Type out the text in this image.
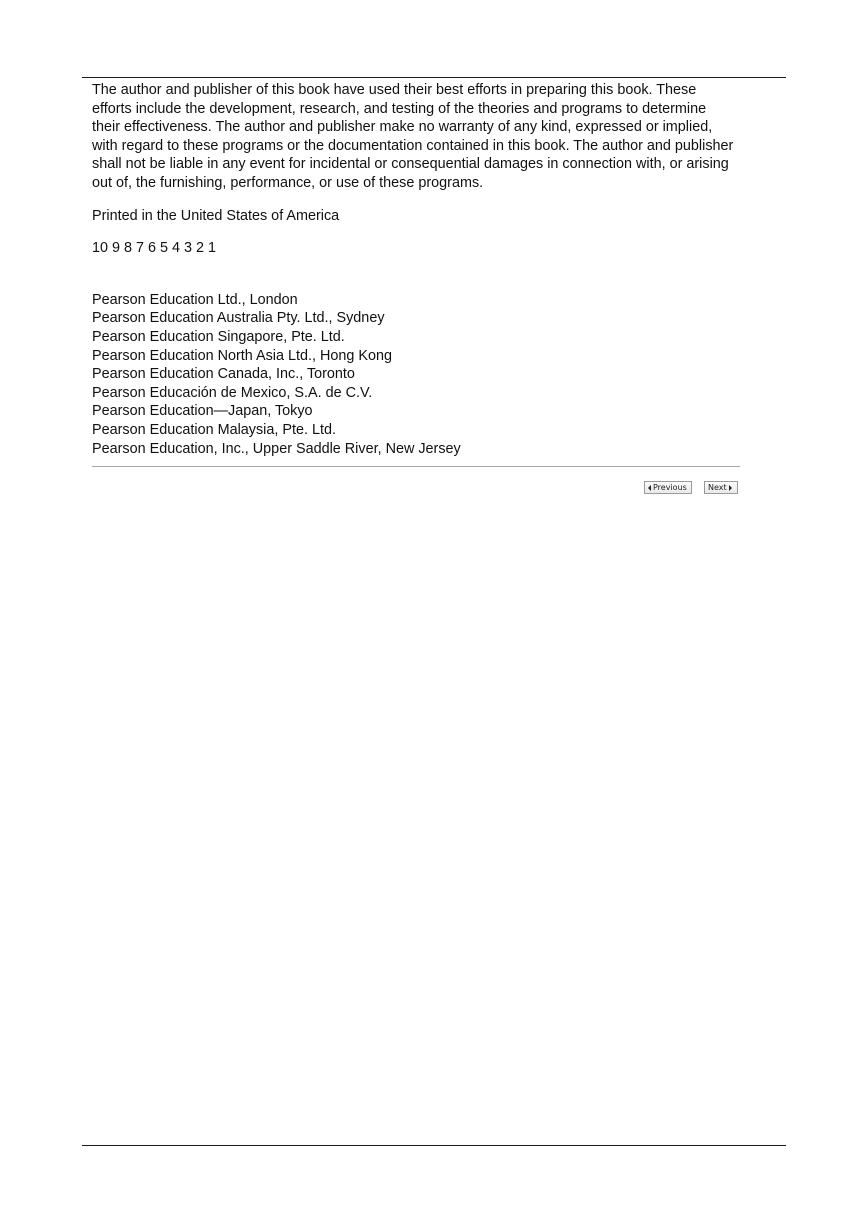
The author and publisher of this book have used their best efforts in preparing this book. These efforts include the development, research, and testing of the theories and programs to determine their effectiveness. The author and publisher make no warranty of any kind, expressed or implied, with regard to these programs or the documentation contained in this book. The author and publisher shall not be liable in any event for incidental or consequential damages in connection with, or arising out of, the furnishing, performance, or use of these programs.

Printed in the United States of America

10 9 8 7 6 5 4 3 2 1

Pearson Education Ltd., London
Pearson Education Australia Pty. Ltd., Sydney
Pearson Education Singapore, Pte. Ltd.
Pearson Education North Asia Ltd., Hong Kong
Pearson Education Canada, Inc., Toronto
Pearson Educación de Mexico, S.A. de C.V.
Pearson Education—Japan, Tokyo
Pearson Education Malaysia, Pte. Ltd.
Pearson Education, Inc., Upper Saddle River, New Jersey
Previous	Next
